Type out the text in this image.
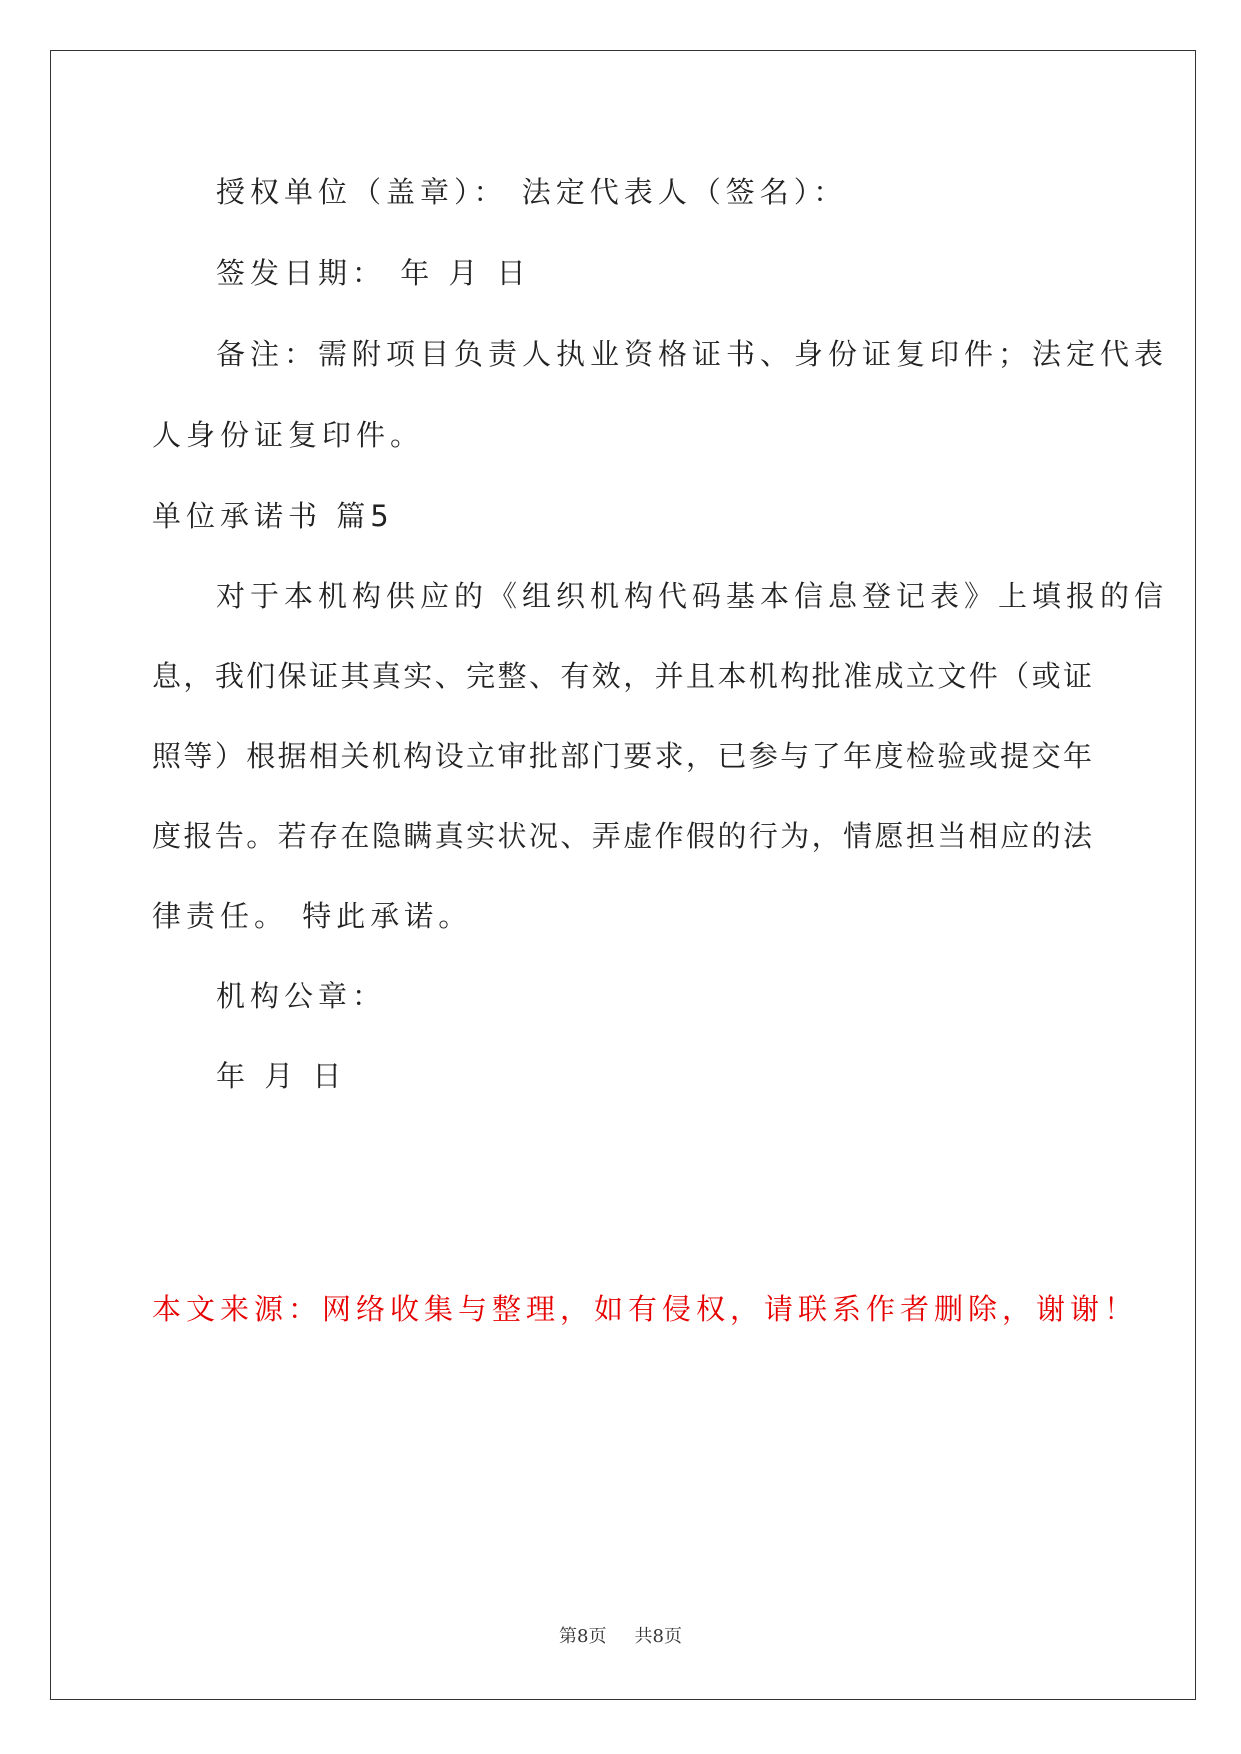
授权单位（盖章）： 法定代表人（签名）：
签发日期： 年 月 日
备注：需附项目负责人执业资格证书、身份证复印件；法定代表
人身份证复印件。
单位承诺书 篇5
对于本机构供应的《组织机构代码基本信息登记表》上填报的信
息，我们保证其真实、完整、有效，并且本机构批准成立文件（或证
照等）根据相关机构设立审批部门要求，已参与了年度检验或提交年
度报告。若存在隐瞒真实状况、弄虚作假的行为，情愿担当相应的法
律责任。 特此承诺。
机构公章：
年 月 日
本文来源：网络收集与整理，如有侵权，请联系作者删除，谢谢！
第8页 共8页
